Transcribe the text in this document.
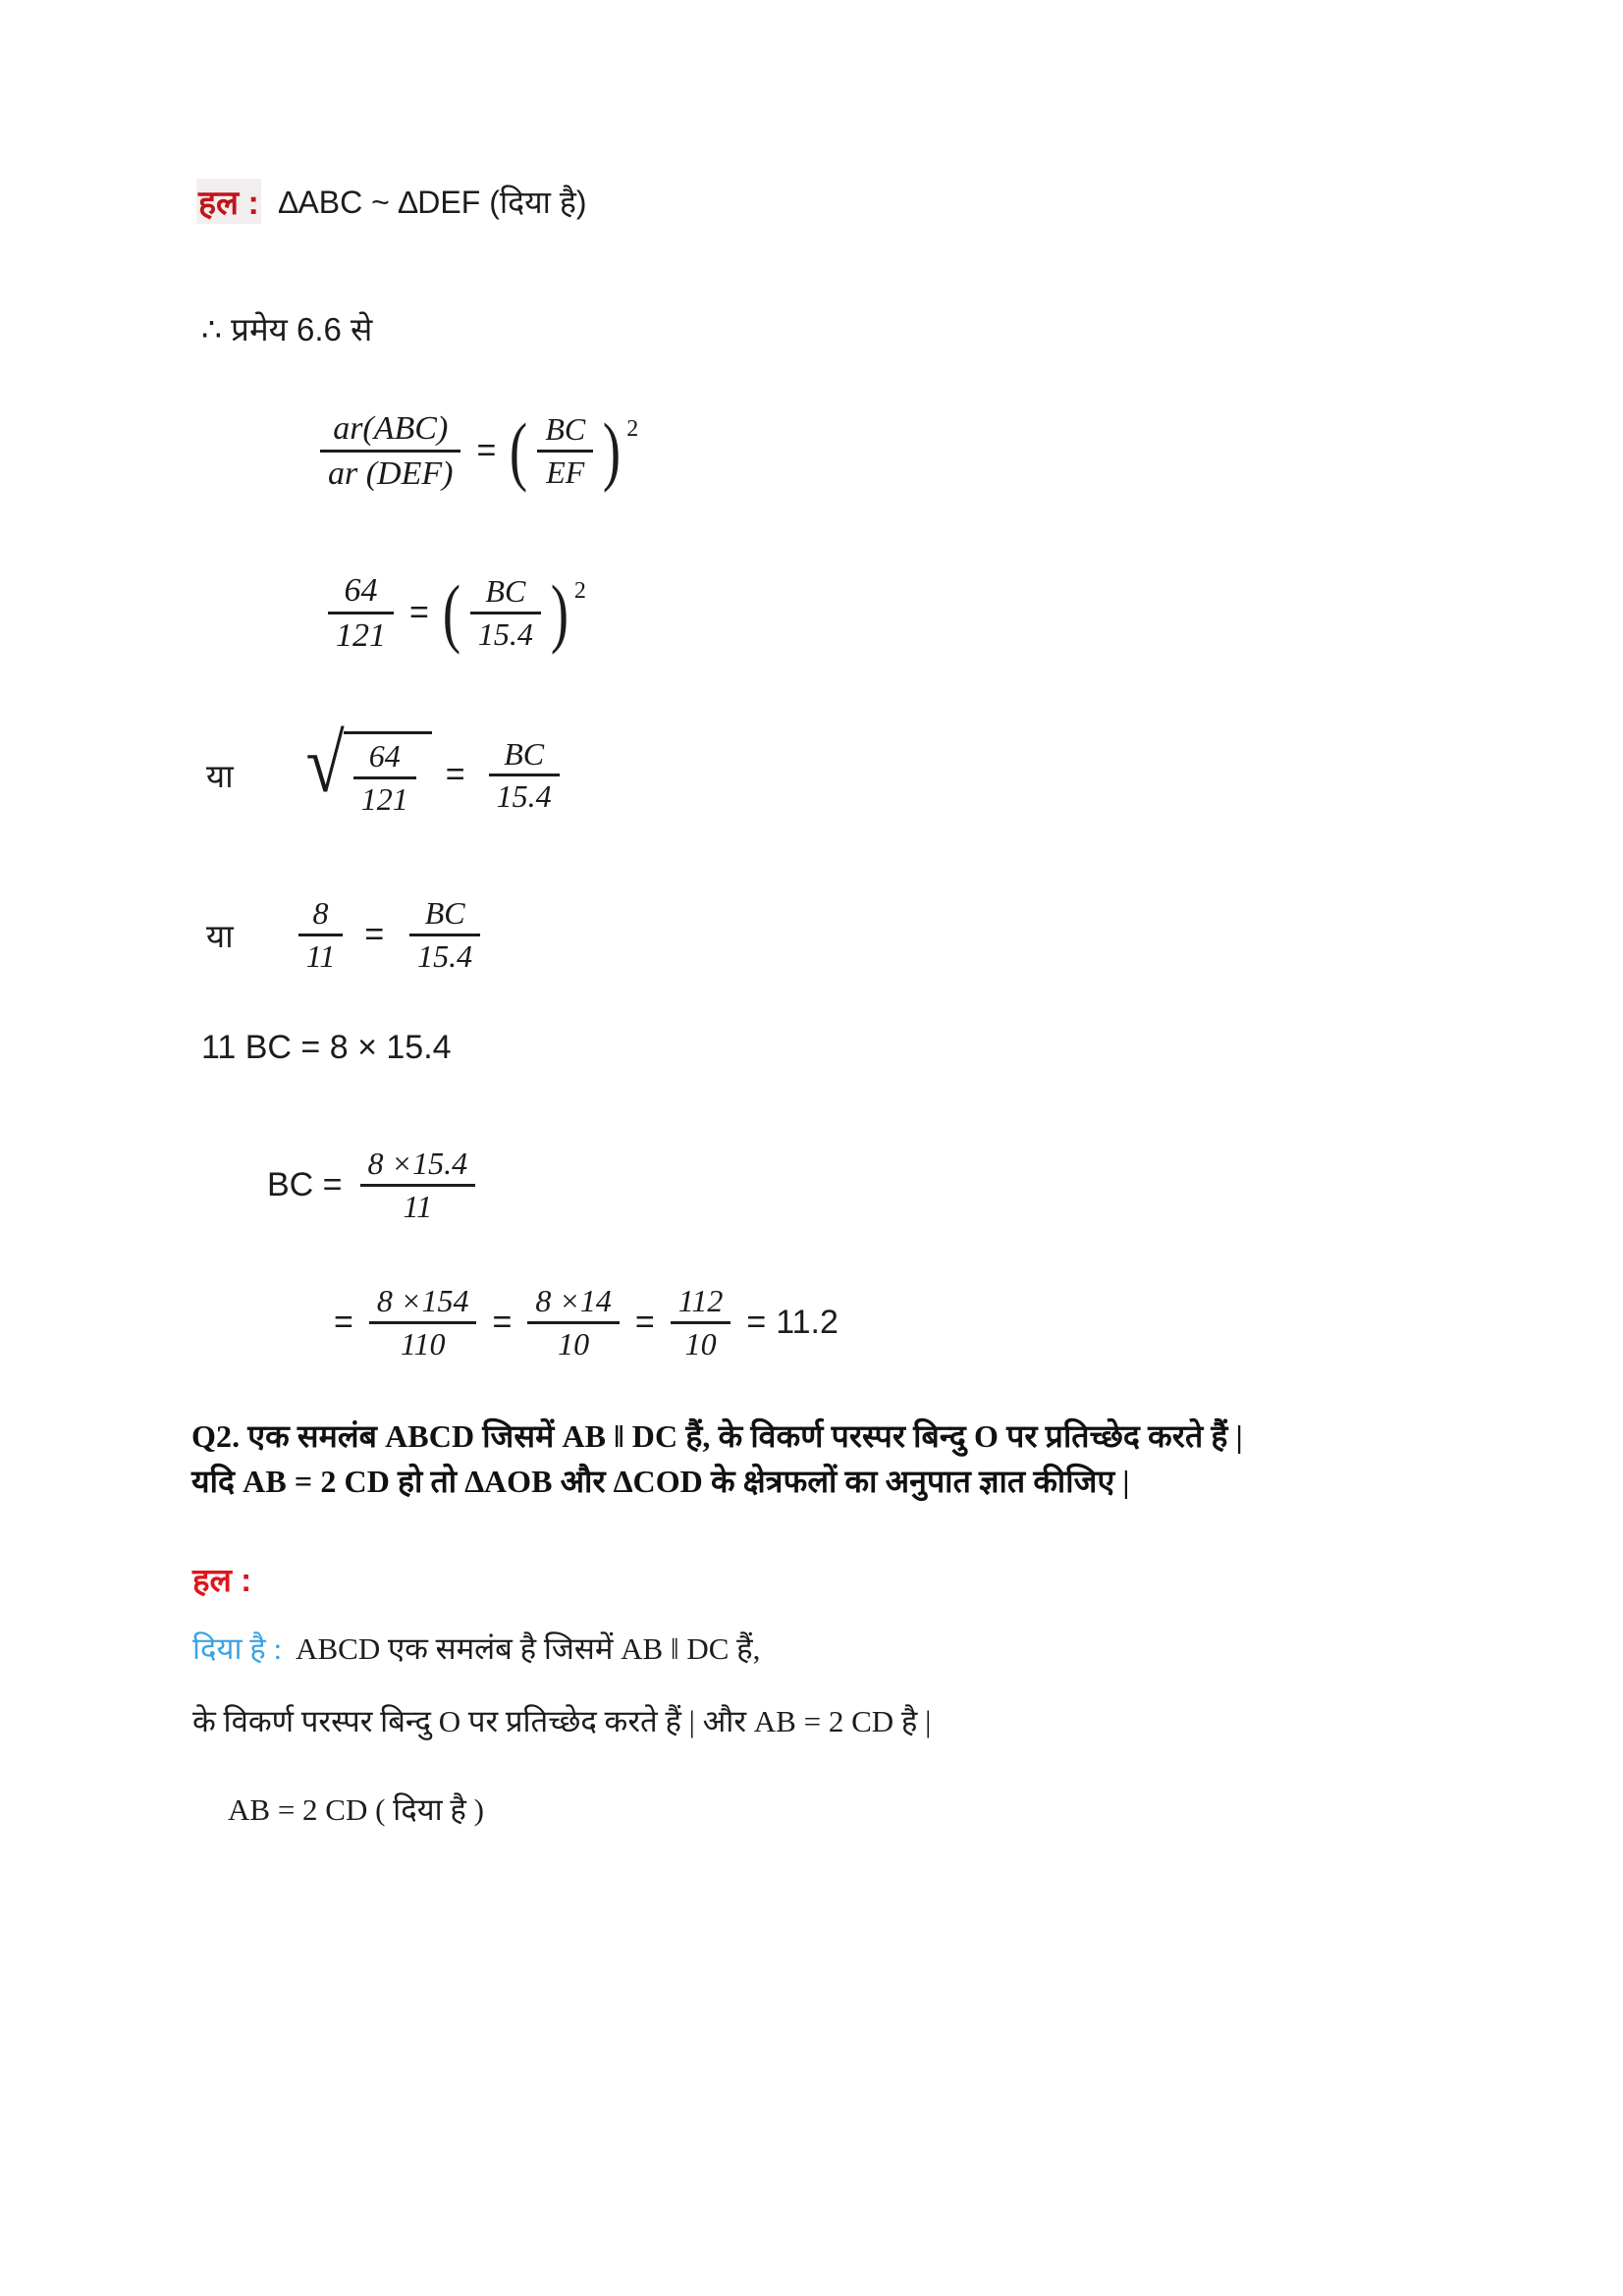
हल : ∆ABC ~ ∆DEF (दिया है)
∴ प्रमेय 6.6 से
$\frac{\text{ar(ABC)}}{\text{ar (DEF)}}$ = ( $\frac{BC}{EF}$ ) 2
$\frac{64}{121}$ = ( $\frac{BC}{15.4}$ ) 2
या √ $\frac{64}{121} = \frac{BC}{15.4}$
या $\frac{8}{11} = \frac{BC}{15.4}$
11 BC = 8 × 15.4
BC = $\frac{8 \times 15.4}{11}$
= $\frac{8 \times 154}{110} = \frac{8 \times 14}{10} = \frac{112}{10} = 11.2$
Q2. एक समलंब ABCD जिसमें AB ‖ DC हैं, के विकर्ण परस्पर बिन्दु O पर प्रतिच्छेद करते हैं |
यदि AB = 2 CD हो तो ∆AOB और ∆COD के क्षेत्रफलों का अनुपात ज्ञात कीजिए |
हल :
दिया है : ABCD एक समलंब है जिसमें AB ‖ DC हैं,
के विकर्ण परस्पर बिन्दु O पर प्रतिच्छेद करते हैं | और AB = 2 CD है |
AB = 2 CD ( दिया है )
